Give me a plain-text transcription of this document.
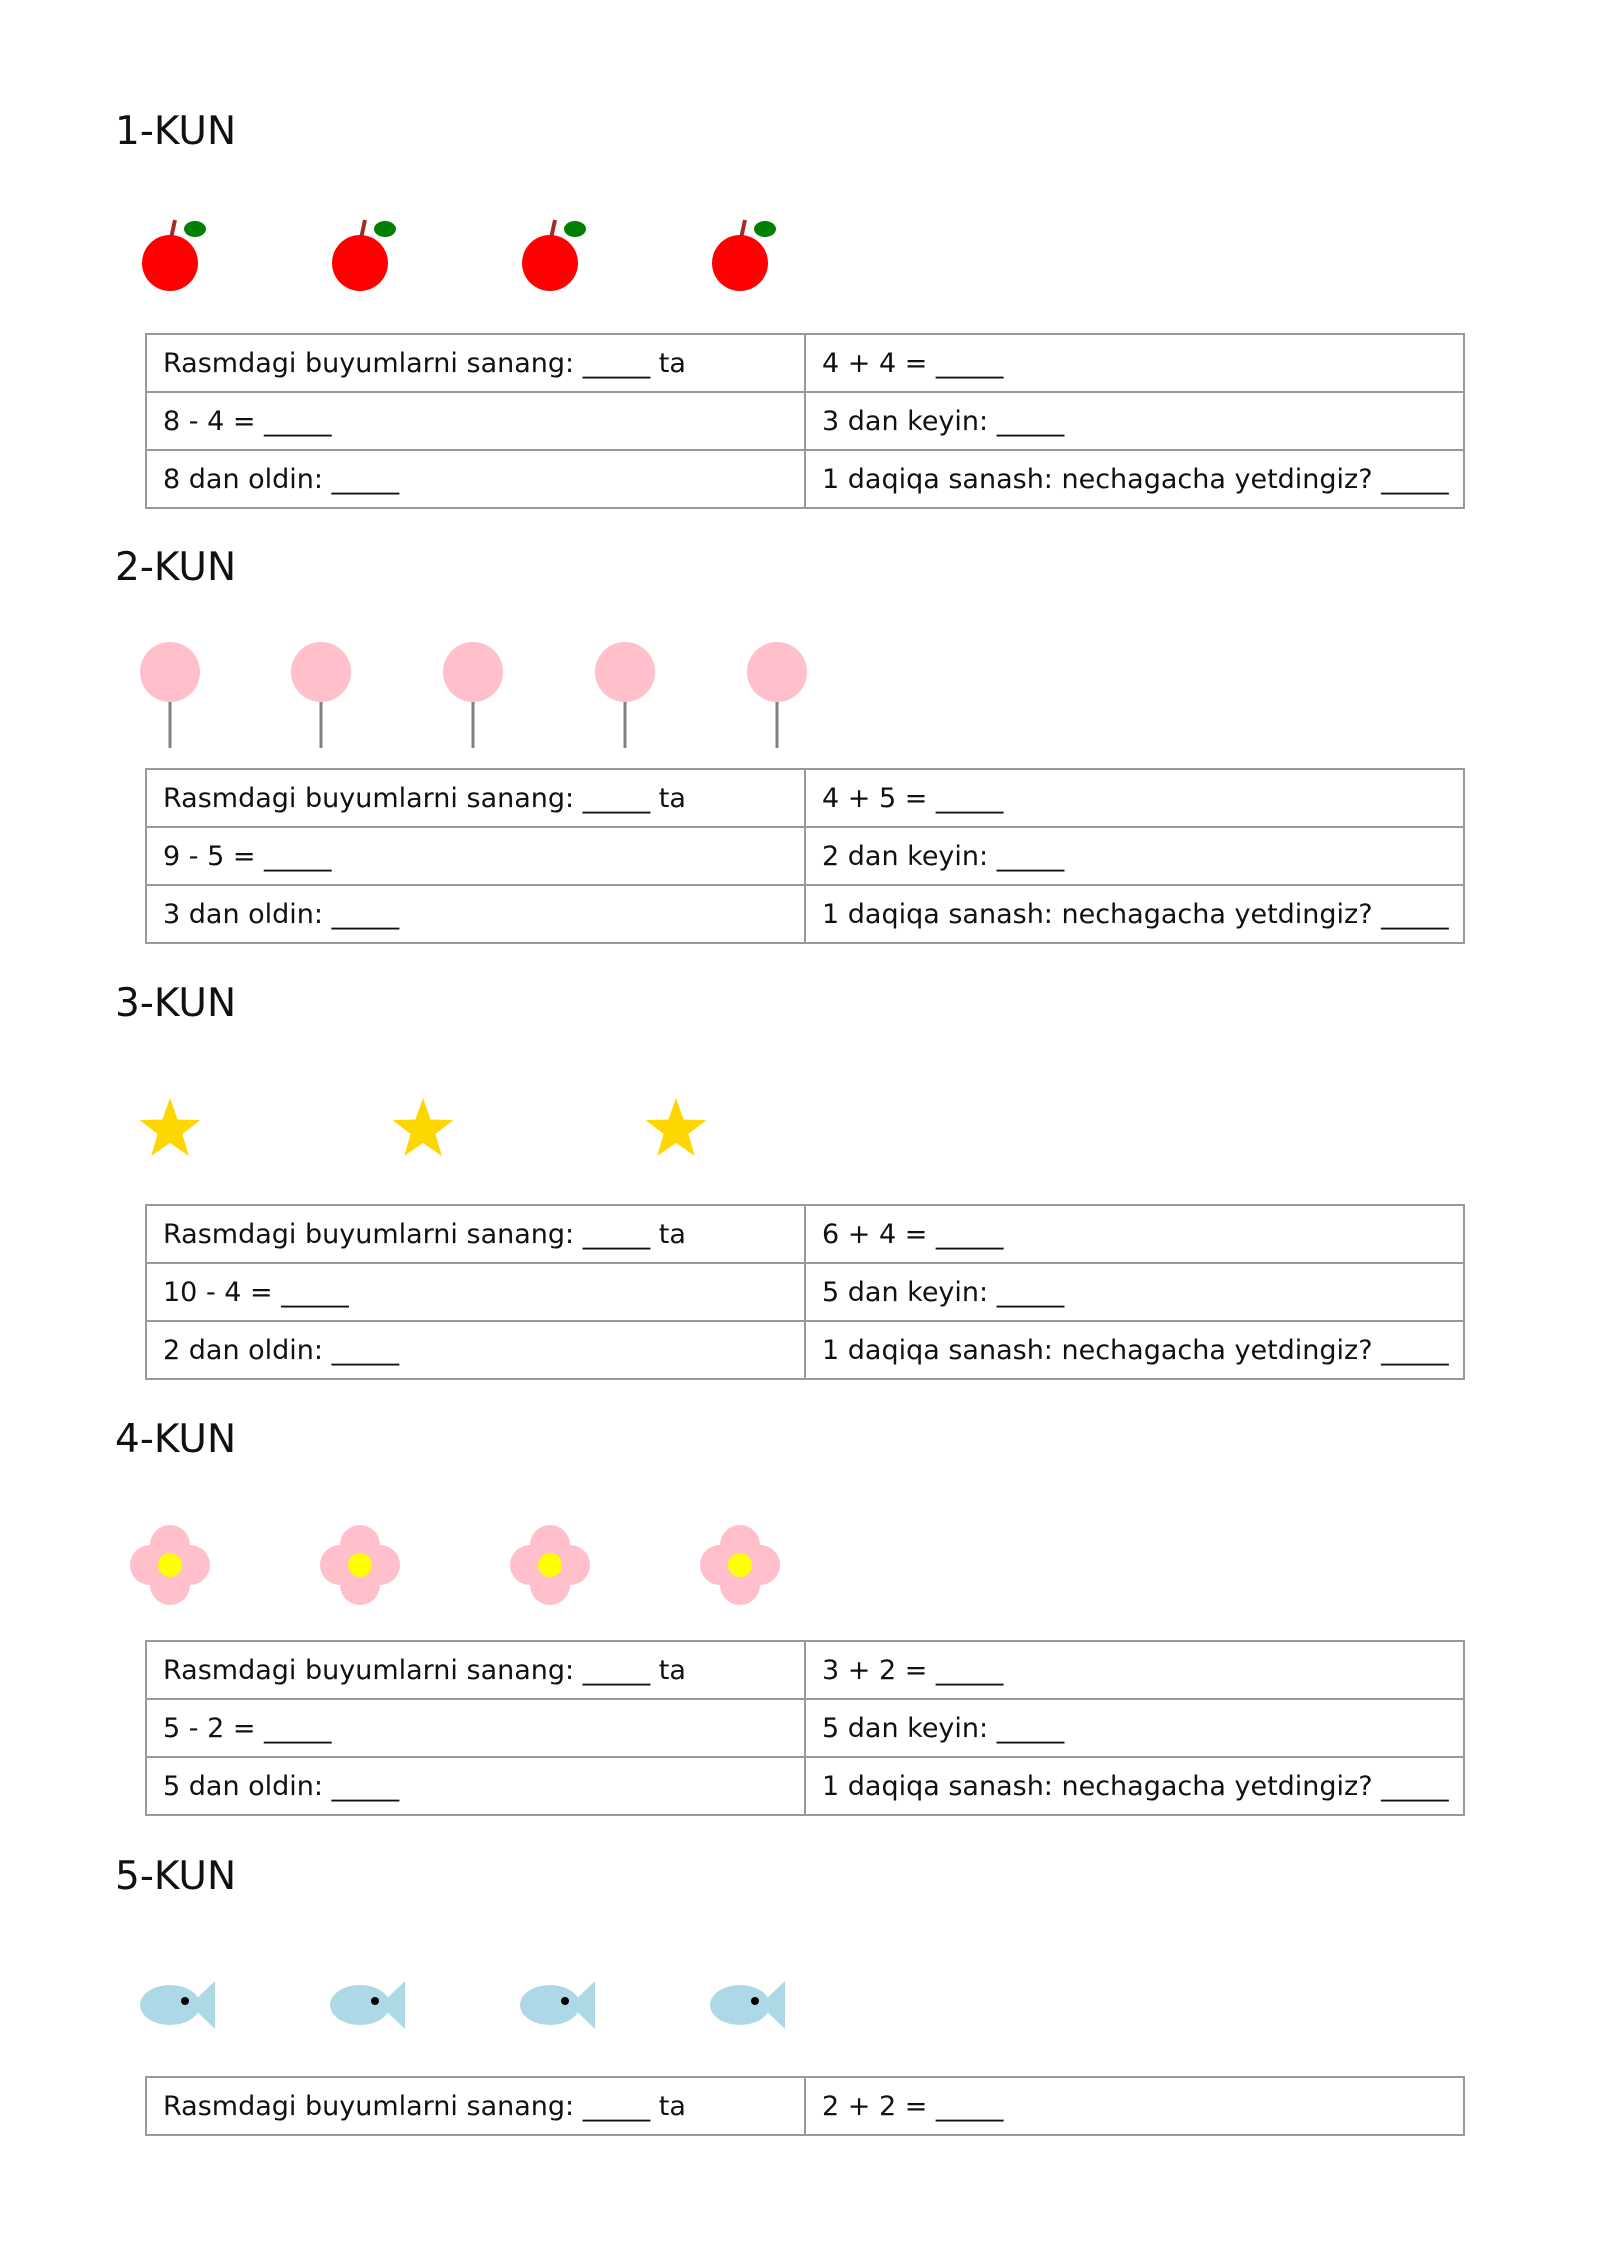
1-KUN
Rasmdagi buyumlarni sanang: _____ ta	4 + 4 = _____
8 - 4 = _____	3 dan keyin: _____
8 dan oldin: _____	1 daqiqa sanash: nechagacha yetdingiz? _____
2-KUN
Rasmdagi buyumlarni sanang: _____ ta	4 + 5 = _____
9 - 5 = _____	2 dan keyin: _____
3 dan oldin: _____	1 daqiqa sanash: nechagacha yetdingiz? _____
3-KUN
Rasmdagi buyumlarni sanang: _____ ta	6 + 4 = _____
10 - 4 = _____	5 dan keyin: _____
2 dan oldin: _____	1 daqiqa sanash: nechagacha yetdingiz? _____
4-KUN
Rasmdagi buyumlarni sanang: _____ ta	3 + 2 = _____
5 - 2 = _____	5 dan keyin: _____
5 dan oldin: _____	1 daqiqa sanash: nechagacha yetdingiz? _____
5-KUN
Rasmdagi buyumlarni sanang: _____ ta	2 + 2 = _____
